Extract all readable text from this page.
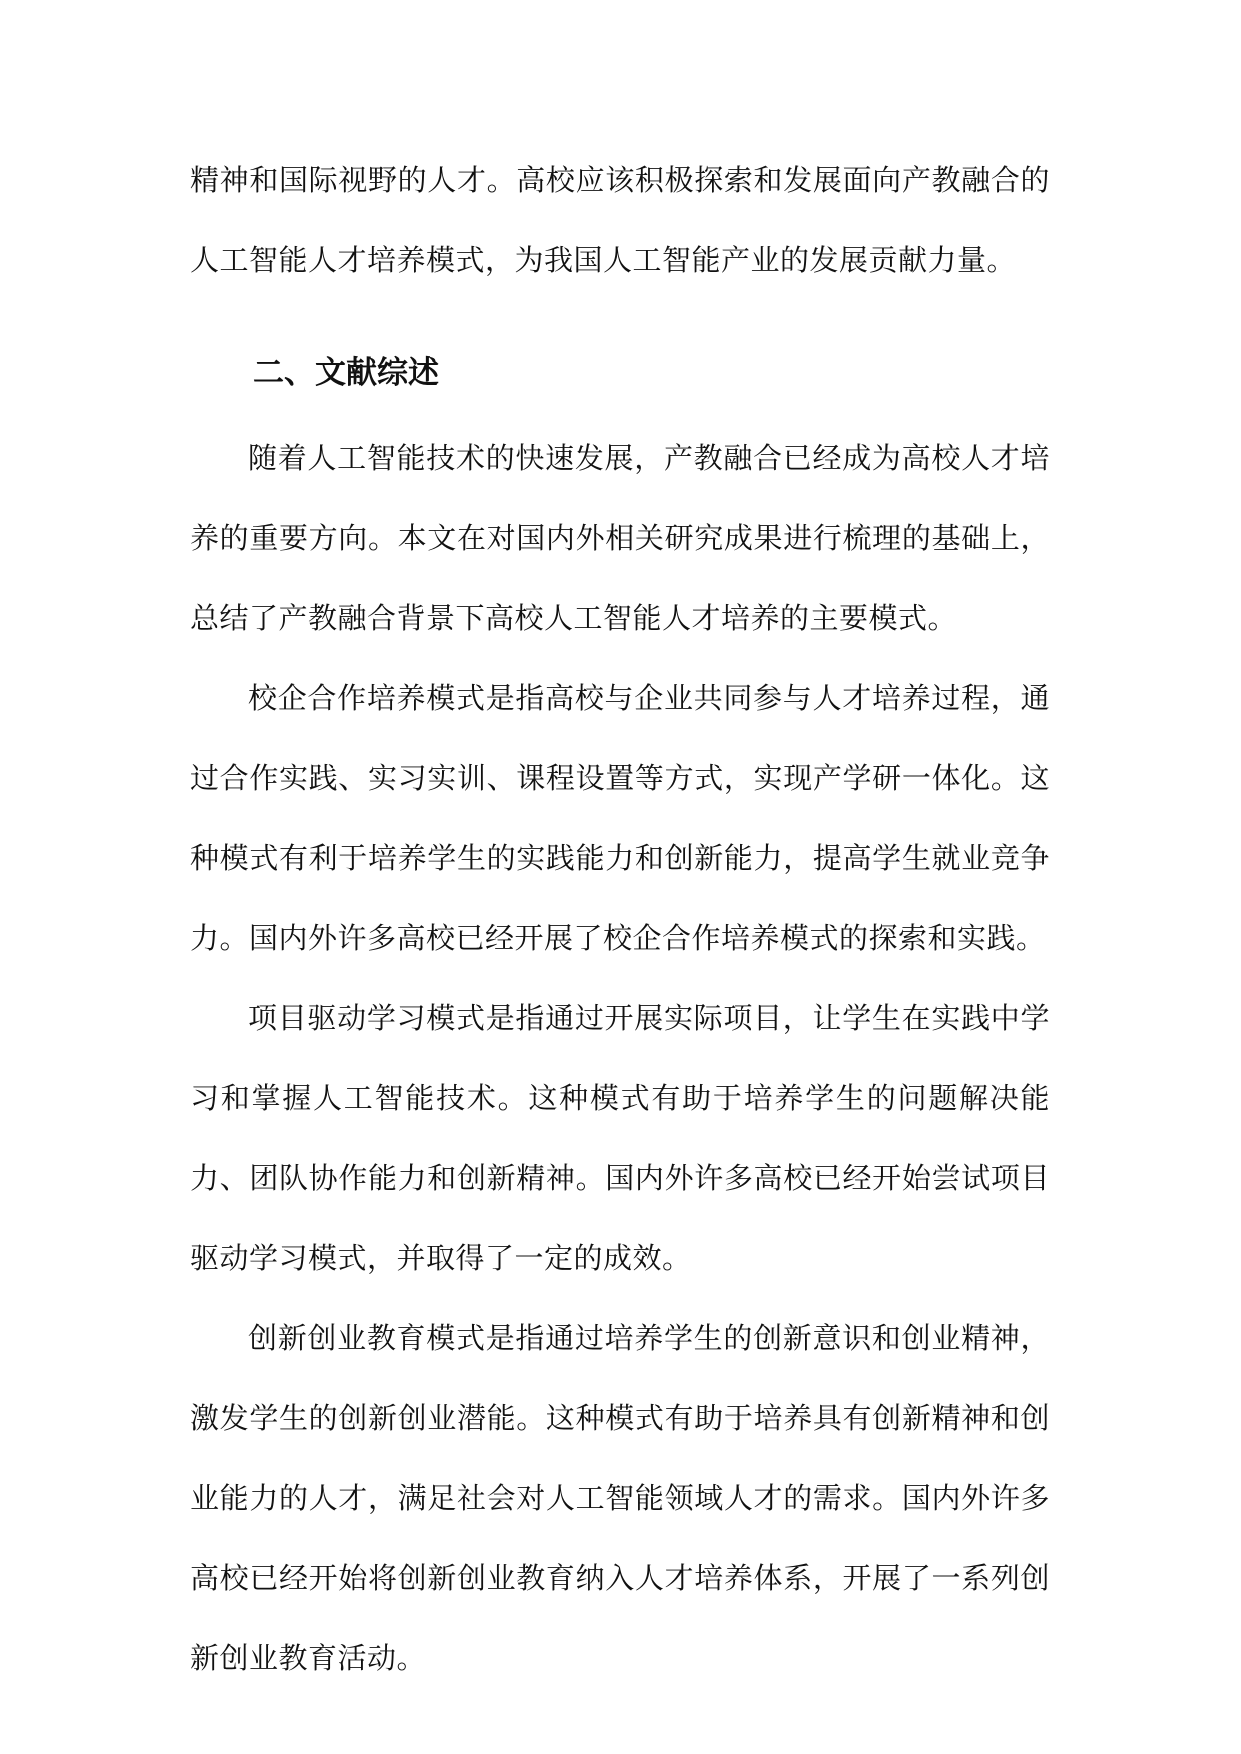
精神和国际视野的人才。高校应该积极探索和发展面向产教融合的人工智能人才培养模式，为我国人工智能产业的发展贡献力量。

二、文献综述

随着人工智能技术的快速发展，产教融合已经成为高校人才培养的重要方向。本文在对国内外相关研究成果进行梳理的基础上，总结了产教融合背景下高校人工智能人才培养的主要模式。

校企合作培养模式是指高校与企业共同参与人才培养过程，通过合作实践、实习实训、课程设置等方式，实现产学研一体化。这种模式有利于培养学生的实践能力和创新能力，提高学生就业竞争力。国内外许多高校已经开展了校企合作培养模式的探索和实践。

项目驱动学习模式是指通过开展实际项目，让学生在实践中学习和掌握人工智能技术。这种模式有助于培养学生的问题解决能力、团队协作能力和创新精神。国内外许多高校已经开始尝试项目驱动学习模式，并取得了一定的成效。

创新创业教育模式是指通过培养学生的创新意识和创业精神，激发学生的创新创业潜能。这种模式有助于培养具有创新精神和创业能力的人才，满足社会对人工智能领域人才的需求。国内外许多高校已经开始将创新创业教育纳入人才培养体系，开展了一系列创新创业教育活动。
